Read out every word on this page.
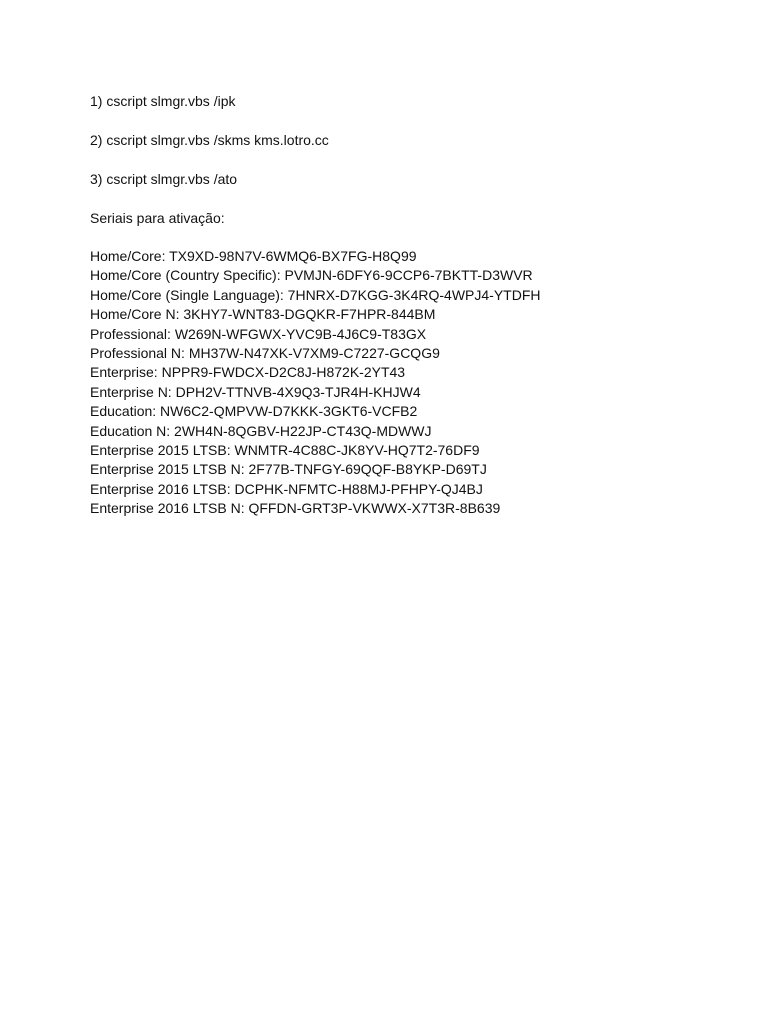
1) cscript slmgr.vbs /ipk
2) cscript slmgr.vbs /skms kms.lotro.cc
3) cscript slmgr.vbs /ato
Seriais para ativação:
Home/Core: TX9XD-98N7V-6WMQ6-BX7FG-H8Q99
Home/Core (Country Specific): PVMJN-6DFY6-9CCP6-7BKTT-D3WVR
Home/Core (Single Language): 7HNRX-D7KGG-3K4RQ-4WPJ4-YTDFH
Home/Core N: 3KHY7-WNT83-DGQKR-F7HPR-844BM
Professional: W269N-WFGWX-YVC9B-4J6C9-T83GX
Professional N: MH37W-N47XK-V7XM9-C7227-GCQG9
Enterprise: NPPR9-FWDCX-D2C8J-H872K-2YT43
Enterprise N: DPH2V-TTNVB-4X9Q3-TJR4H-KHJW4
Education: NW6C2-QMPVW-D7KKK-3GKT6-VCFB2
Education N: 2WH4N-8QGBV-H22JP-CT43Q-MDWWJ
Enterprise 2015 LTSB: WNMTR-4C88C-JK8YV-HQ7T2-76DF9
Enterprise 2015 LTSB N: 2F77B-TNFGY-69QQF-B8YKP-D69TJ
Enterprise 2016 LTSB: DCPHK-NFMTC-H88MJ-PFHPY-QJ4BJ
Enterprise 2016 LTSB N: QFFDN-GRT3P-VKWWX-X7T3R-8B639
